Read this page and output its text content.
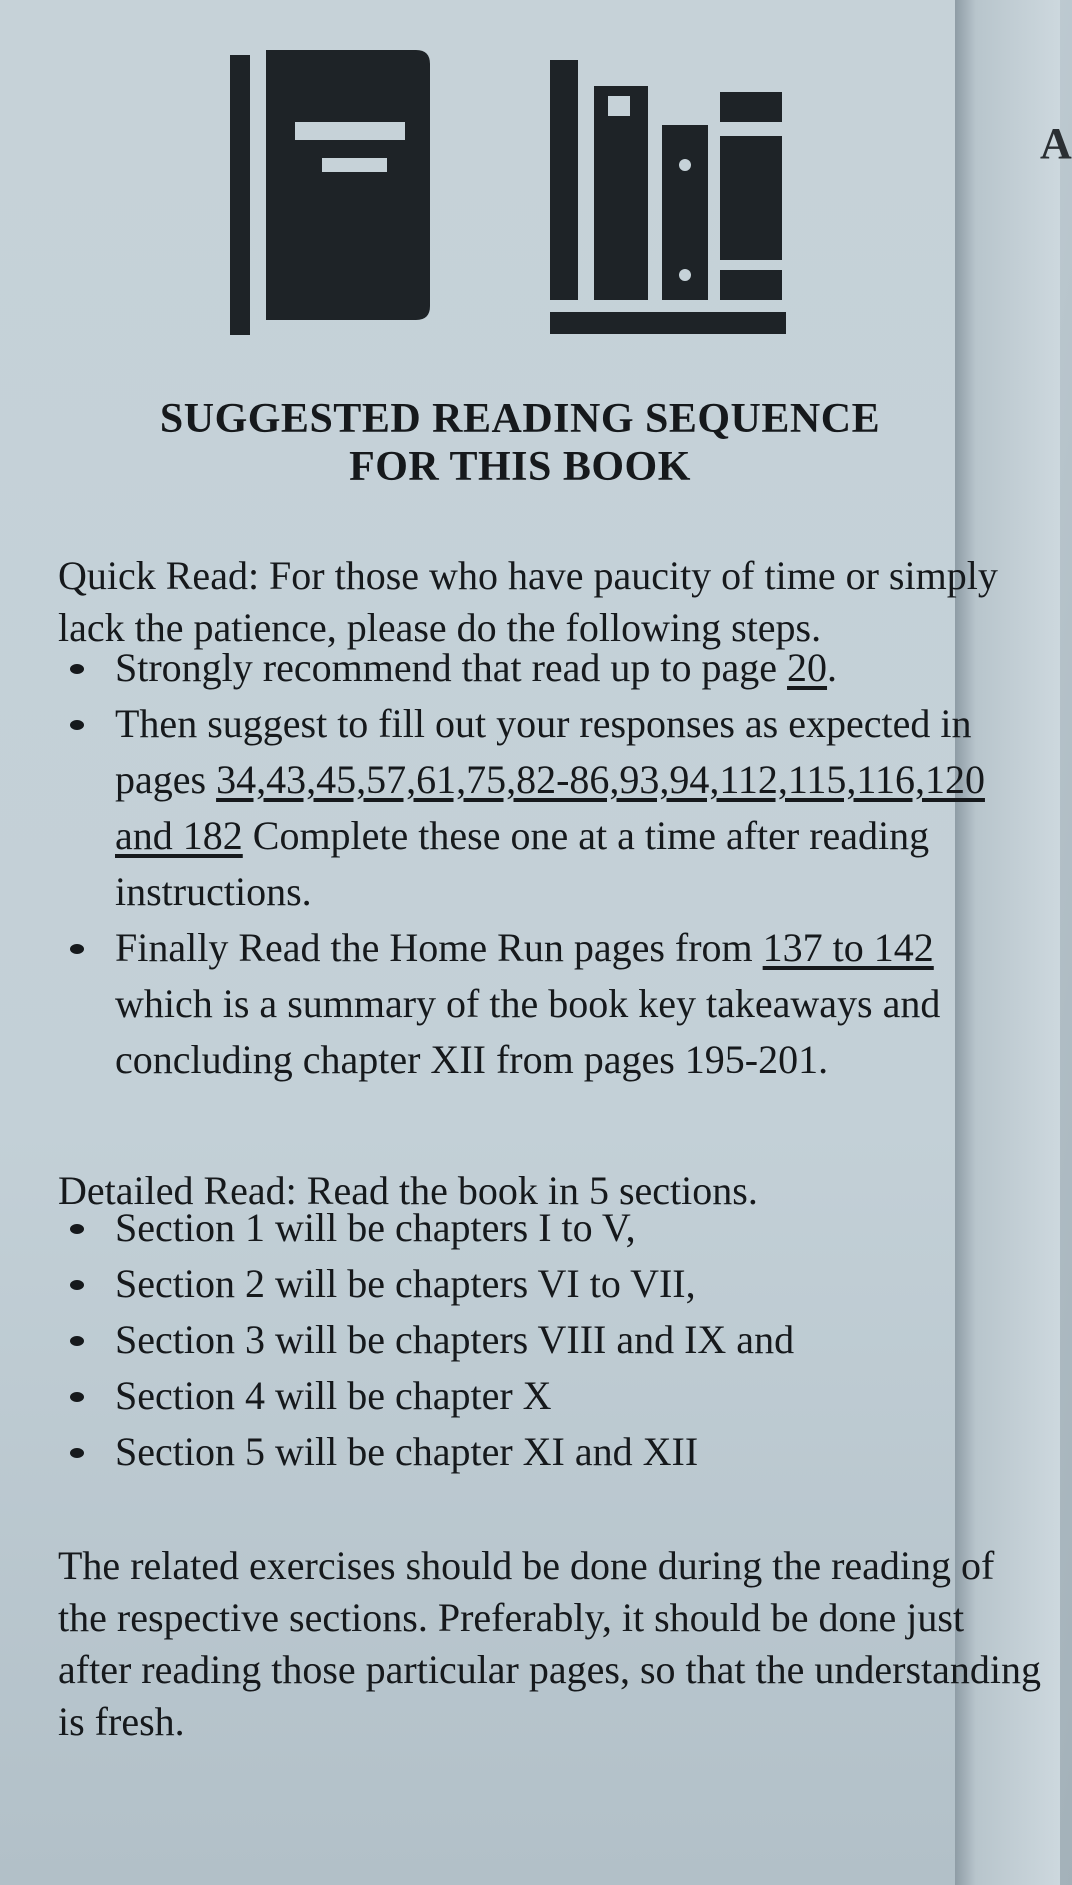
A
SUGGESTED READING SEQUENCE
FOR THIS BOOK

Quick Read: For those who have paucity of time or simply lack the patience, please do the following steps.

Strongly recommend that read up to page 20.
Then suggest to fill out your responses as expected in pages 34,43,45,57,61,75,82-86,93,94,112,115,116,120 and 182 Complete these one at a time after reading instructions.
Finally Read the Home Run pages from 137 to 142 which is a summary of the book key takeaways and concluding chapter XII from pages 195-201.

Detailed Read: Read the book in 5 sections.

Section 1 will be chapters I to V,
Section 2 will be chapters VI to VII,
Section 3 will be chapters VIII and IX and
Section 4 will be chapter X
Section 5 will be chapter XI and XII

The related exercises should be done during the reading of the respective sections. Preferably, it should be done just after reading those particular pages, so that the understanding is fresh.
